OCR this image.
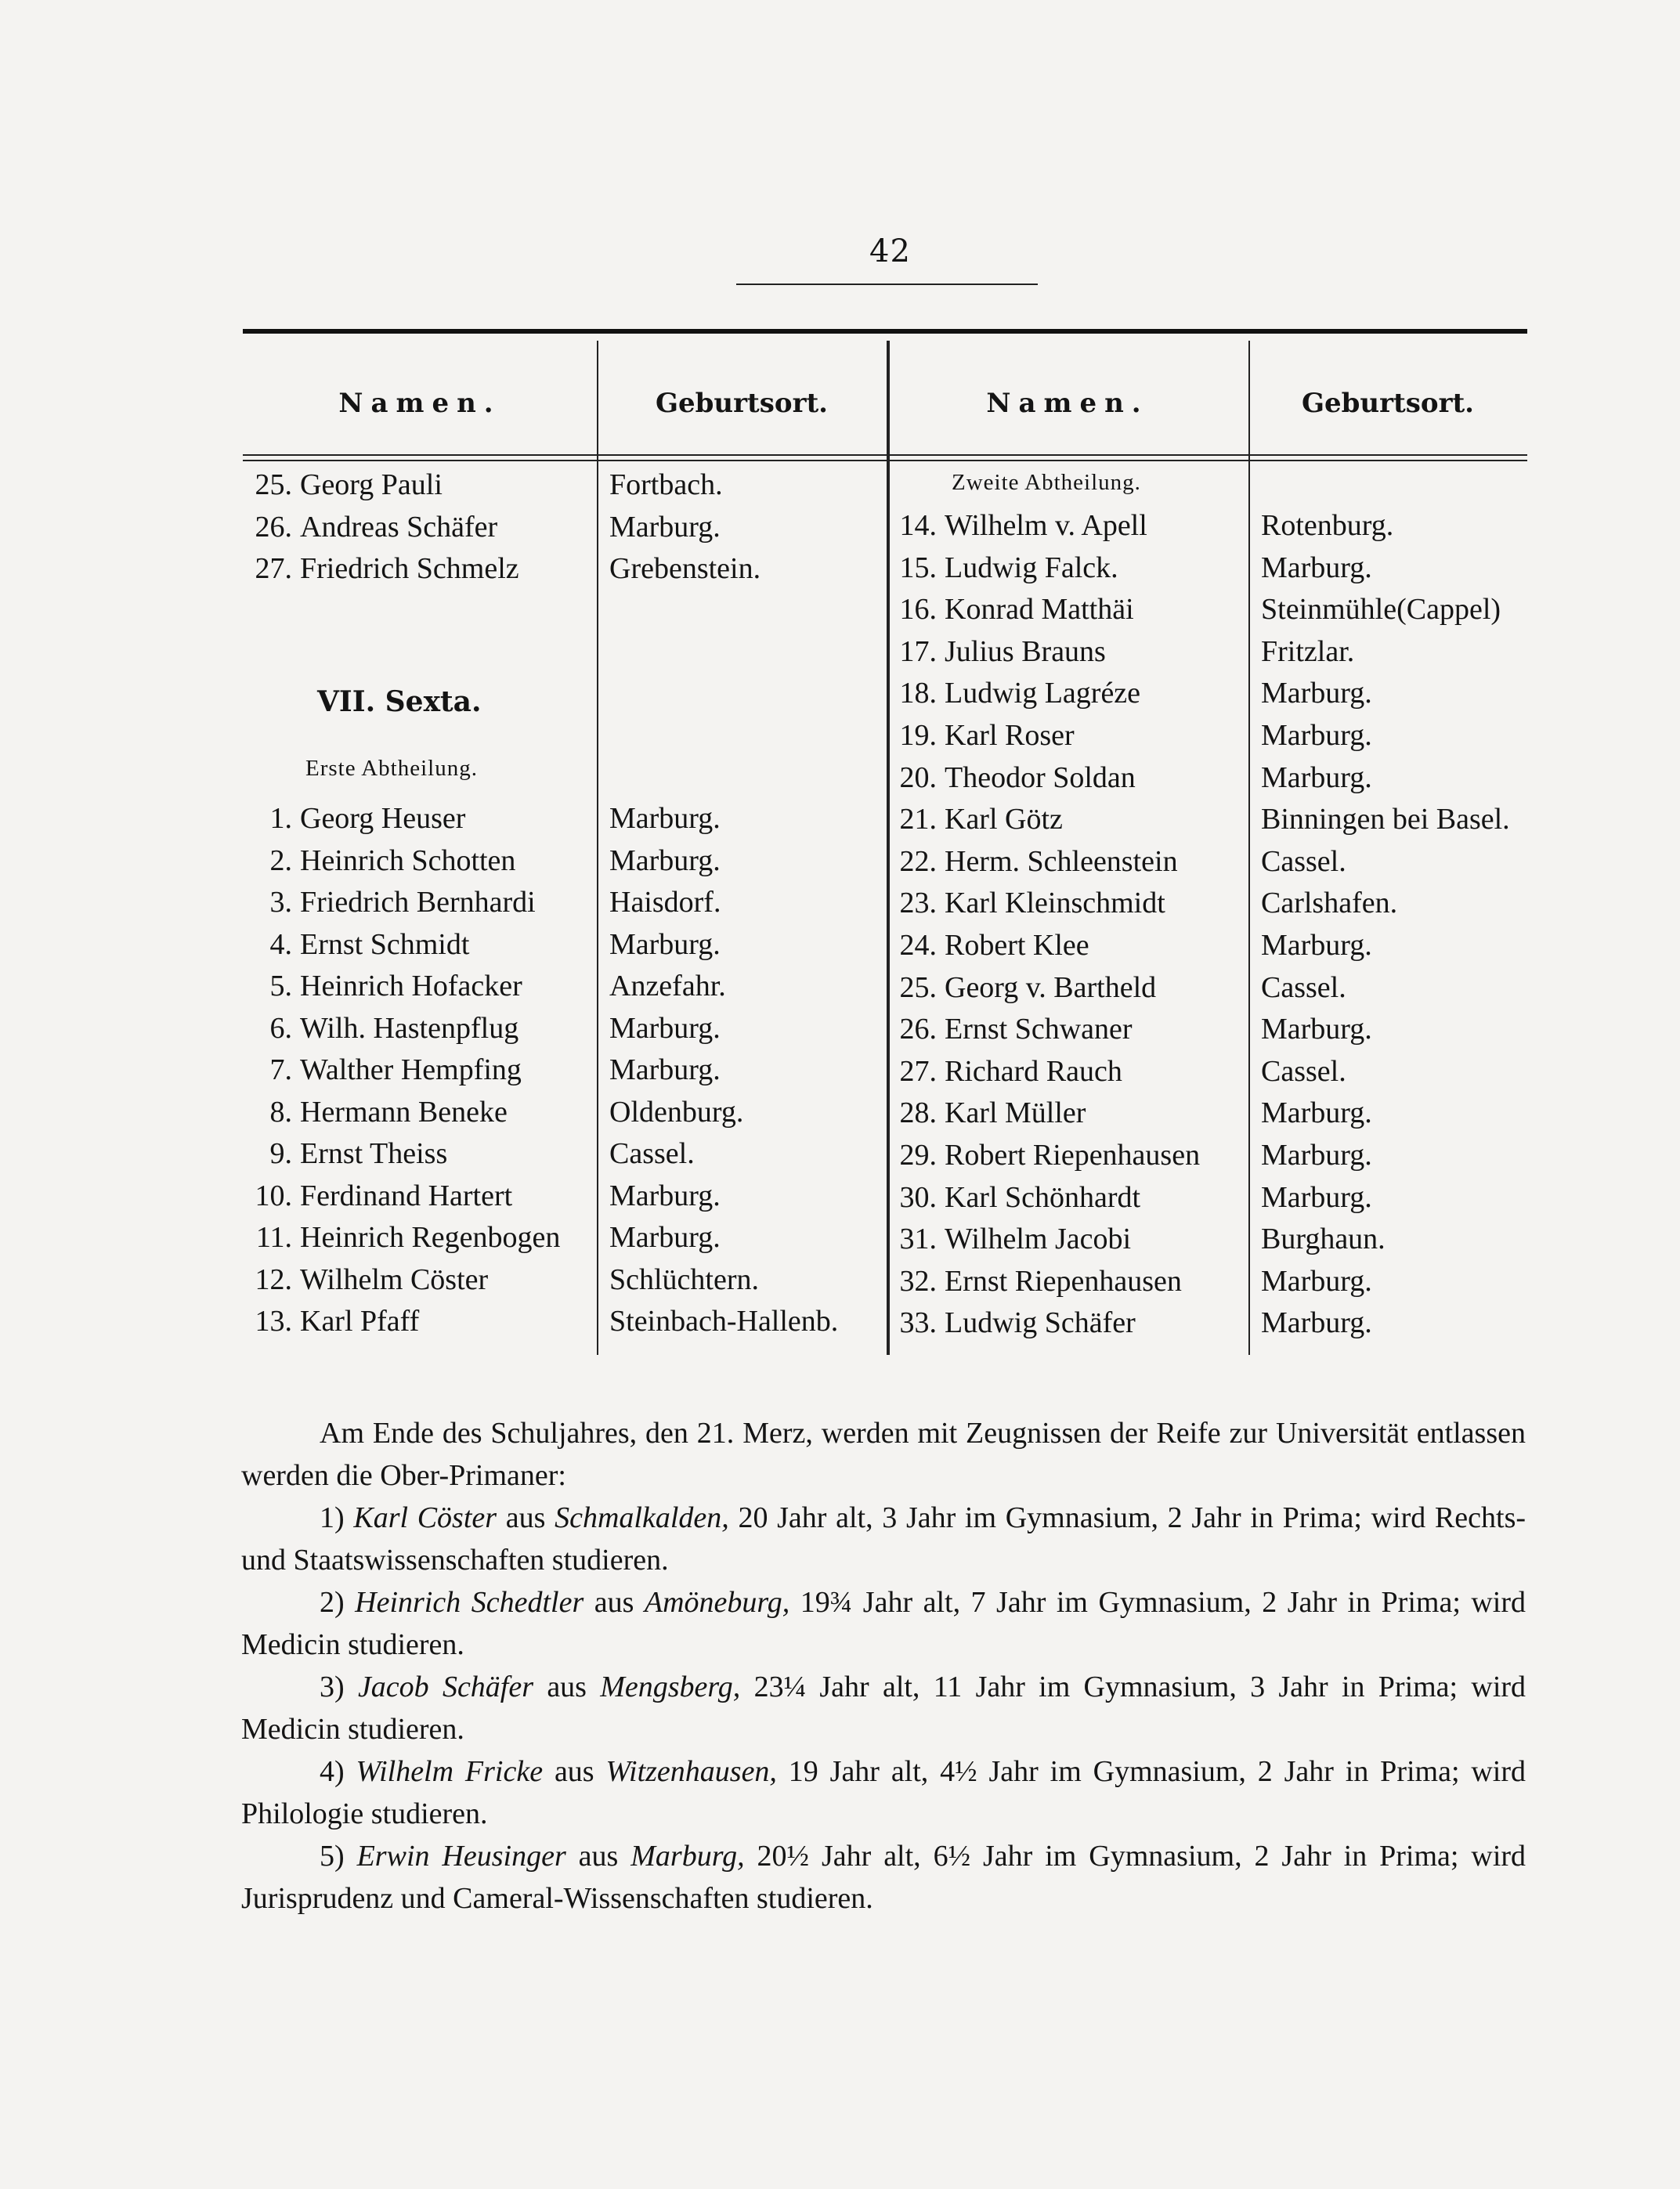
42
Namen.	Geburtsort.	Namen.	Geburtsort.
25. Georg Pauli	Fortbach.
26. Andreas Schäfer	Marburg.
27. Friedrich Schmelz	Grebenstein.
VII. Sexta.
Erste Abtheilung.
1. Georg Heuser	Marburg.
2. Heinrich Schotten	Marburg.
3. Friedrich Bernhardi Haisdorf.
4. Ernst Schmidt	Marburg.
5. Heinrich Hofacker	Anzefahr.
6. Wilh. Hastenpflug	Marburg.
7. Walther Hempfing	Marburg.
8. Hermann Beneke	Oldenburg.
9. Ernst Theiss	Cassel.
10. Ferdinand Hartert	Marburg.
11. Heinrich Regenbogen Marburg.
12. Wilhelm Cöster	Schlüchtern.
13. Karl Pfaff	Steinbach-Hallenb.
Zweite Abtheilung.
14. Wilhelm v. Apell	Rotenburg.
15. Ludwig Falck.	Marburg.
16. Konrad Matthäi	Steinmühle(Cappel)
17. Julius Brauns	Fritzlar.
18. Ludwig Lagréze	Marburg.
19. Karl Roser	Marburg.
20. Theodor Soldan	Marburg.
21. Karl Götz	Binningen bei Basel.
22. Herm. Schleenstein	Cassel.
23. Karl Kleinschmidt	Carlshafen.
24. Robert Klee	Marburg.
25. Georg v. Bartheld	Cassel.
26. Ernst Schwaner	Marburg.
27. Richard Rauch	Cassel.
28. Karl Müller	Marburg.
29. Robert Riepenhausen Marburg.
30. Karl Schönhardt	Marburg.
31. Wilhelm Jacobi	Burghaun.
32. Ernst Riepenhausen	Marburg.
33. Ludwig Schäfer	Marburg.
Am Ende des Schuljahres, den 21. Merz, werden mit Zeugnissen der Reife zur Universität entlassen werden die Ober-Primaner:
1) Karl Cöster aus Schmalkalden, 20 Jahr alt, 3 Jahr im Gymnasium, 2 Jahr in Prima; wird Rechts- und Staatswissenschaften studieren.
2) Heinrich Schedtler aus Amöneburg, 19¾ Jahr alt, 7 Jahr im Gymnasium, 2 Jahr in Prima; wird Medicin studieren.
3) Jacob Schäfer aus Mengsberg, 23¼ Jahr alt, 11 Jahr im Gymnasium, 3 Jahr in Prima; wird Medicin studieren.
4) Wilhelm Fricke aus Witzenhausen, 19 Jahr alt, 4½ Jahr im Gymnasium, 2 Jahr in Prima; wird Philologie studieren.
5) Erwin Heusinger aus Marburg, 20½ Jahr alt, 6½ Jahr im Gymnasium, 2 Jahr in Prima; wird Jurisprudenz und Cameral-Wissenschaften studieren.
